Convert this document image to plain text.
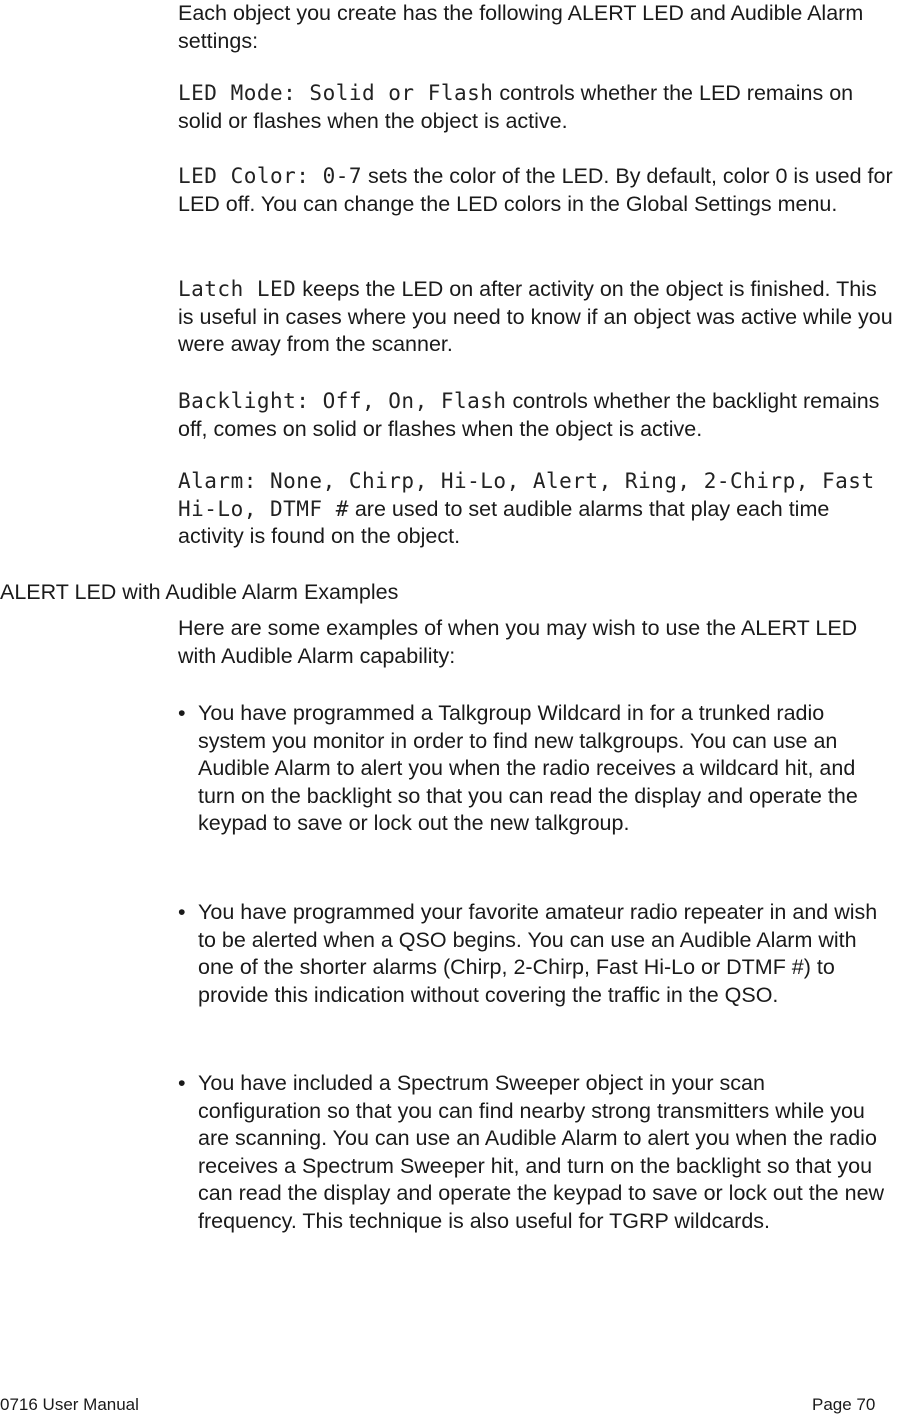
Each object you create has the following ALERT LED and Audible Alarm settings:

LED Mode: Solid or Flash controls whether the LED remains on solid or flashes when the object is active.

LED Color: 0-7 sets the color of the LED. By default, color 0 is used for LED off. You can change the LED colors in the Global Settings menu.

Latch LED keeps the LED on after activity on the object is finished. This is useful in cases where you need to know if an object was active while you were away from the scanner.

Backlight: Off, On, Flash controls whether the backlight remains off, comes on solid or flashes when the object is active.

Alarm: None, Chirp, Hi-Lo, Alert, Ring, 2-Chirp, Fast Hi-Lo, DTMF # are used to set audible alarms that play each time activity is found on the object.

ALERT LED with Audible Alarm Examples

Here are some examples of when you may wish to use the ALERT LED with Audible Alarm capability:

• You have programmed a Talkgroup Wildcard in for a trunked radio system you monitor in order to find new talkgroups. You can use an Audible Alarm to alert you when the radio receives a wildcard hit, and turn on the backlight so that you can read the display and operate the keypad to save or lock out the new talkgroup.
• You have programmed your favorite amateur radio repeater in and wish to be alerted when a QSO begins. You can use an Audible Alarm with one of the shorter alarms (Chirp, 2-Chirp, Fast Hi-Lo or DTMF #) to provide this indication without covering the traffic in the QSO.
• You have included a Spectrum Sweeper object in your scan configuration so that you can find nearby strong transmitters while you are scanning. You can use an Audible Alarm to alert you when the radio receives a Spectrum Sweeper hit, and turn on the backlight so that you can read the display and operate the keypad to save or lock out the new frequency. This technique is also useful for TGRP wildcards.
0716 User Manual	Page 70
